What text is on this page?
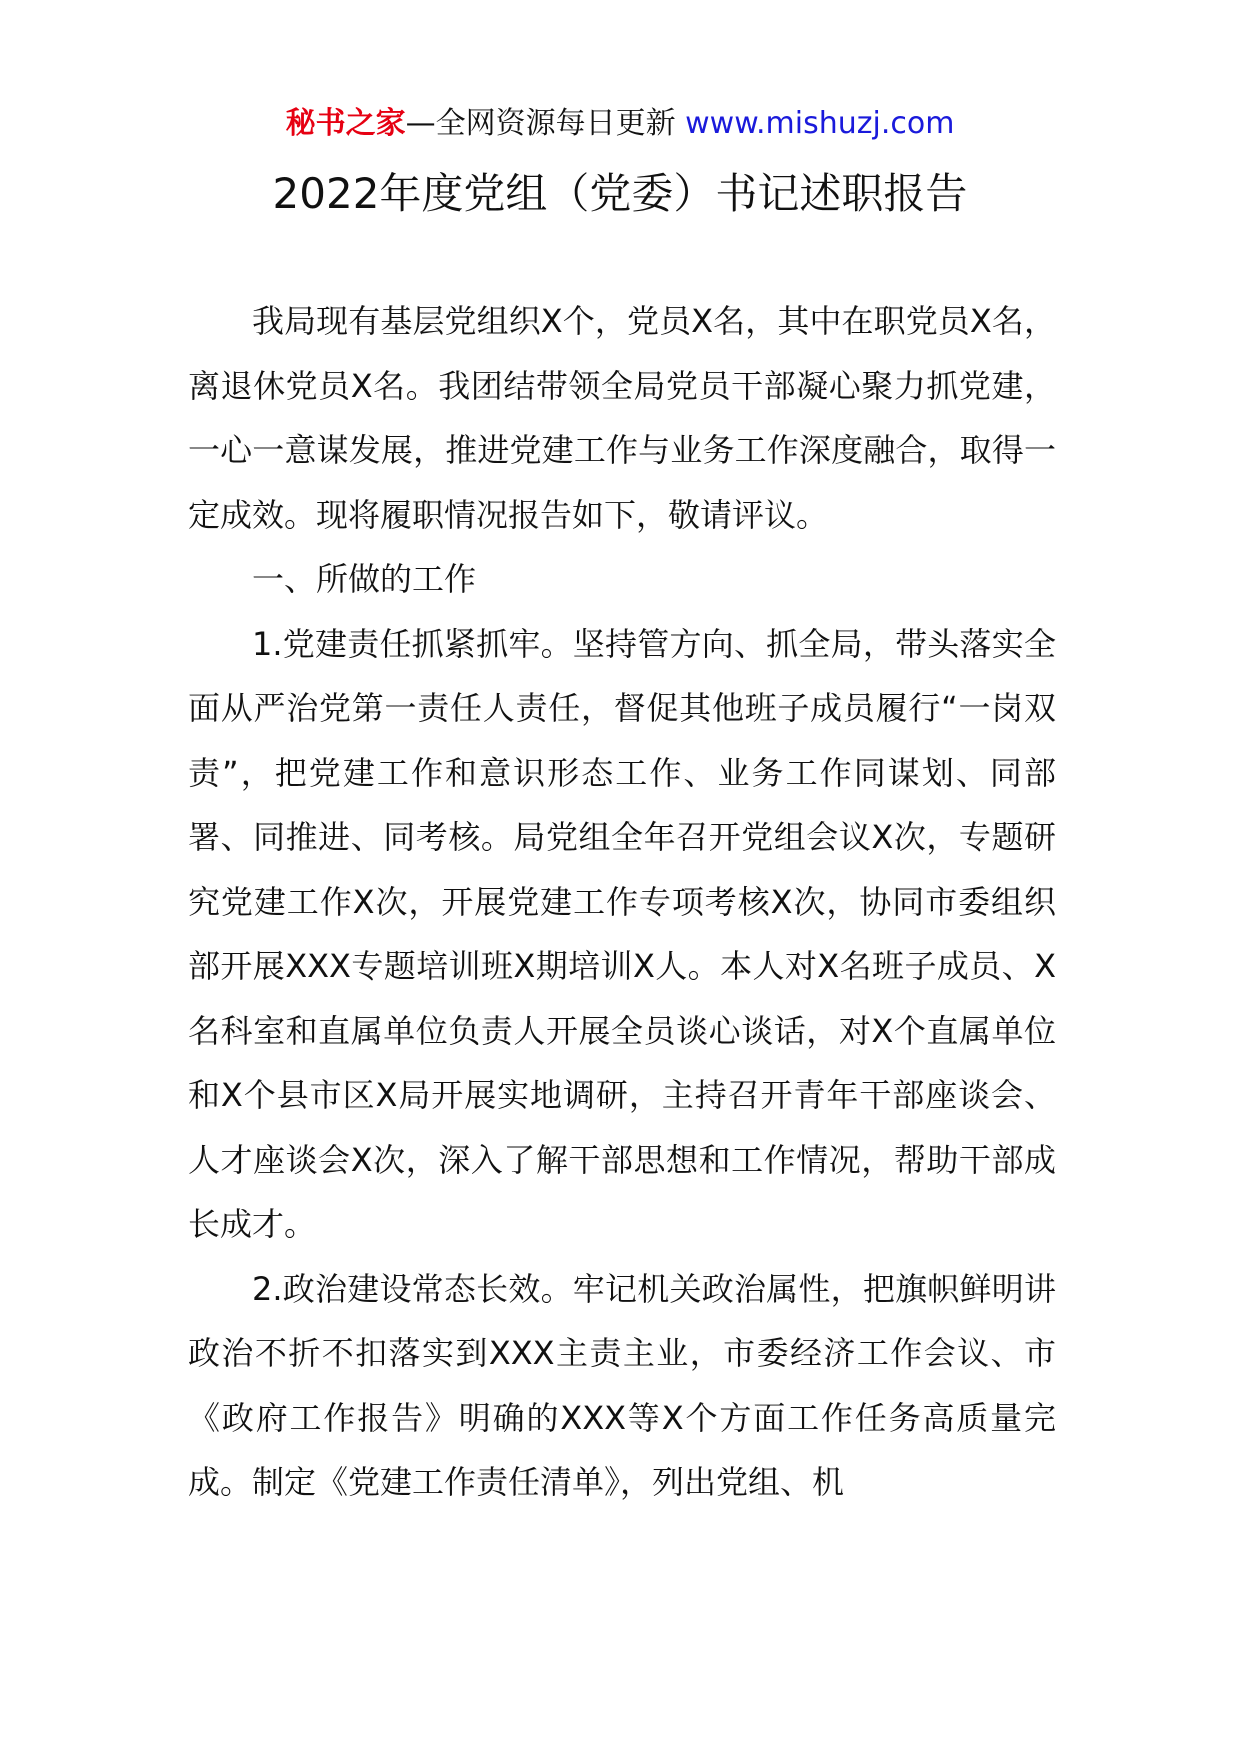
秘书之家—全网资源每日更新 www.mishuzj.com
2022年度党组（党委）书记述职报告

我局现有基层党组织X个，党员X名，其中在职党员X名，离退休党员X名。我团结带领全局党员干部凝心聚力抓党建，一心一意谋发展，推进党建工作与业务工作深度融合，取得一定成效。现将履职情况报告如下，敬请评议。

一、所做的工作

1.党建责任抓紧抓牢。坚持管方向、抓全局，带头落实全面从严治党第一责任人责任，督促其他班子成员履行“一岗双责”，把党建工作和意识形态工作、业务工作同谋划、同部署、同推进、同考核。局党组全年召开党组会议X次，专题研究党建工作X次，开展党建工作专项考核X次，协同市委组织部开展XXX专题培训班X期培训X人。本人对X名班子成员、X名科室和直属单位负责人开展全员谈心谈话，对X个直属单位和X个县市区X局开展实地调研，主持召开青年干部座谈会、人才座谈会X次，深入了解干部思想和工作情况，帮助干部成长成才。

2.政治建设常态长效。牢记机关政治属性，把旗帜鲜明讲政治不折不扣落实到XXX主责主业，市委经济工作会议、市《政府工作报告》明确的XXX等X个方面工作任务高质量完成。制定《党建工作责任清单》，列出党组、机
